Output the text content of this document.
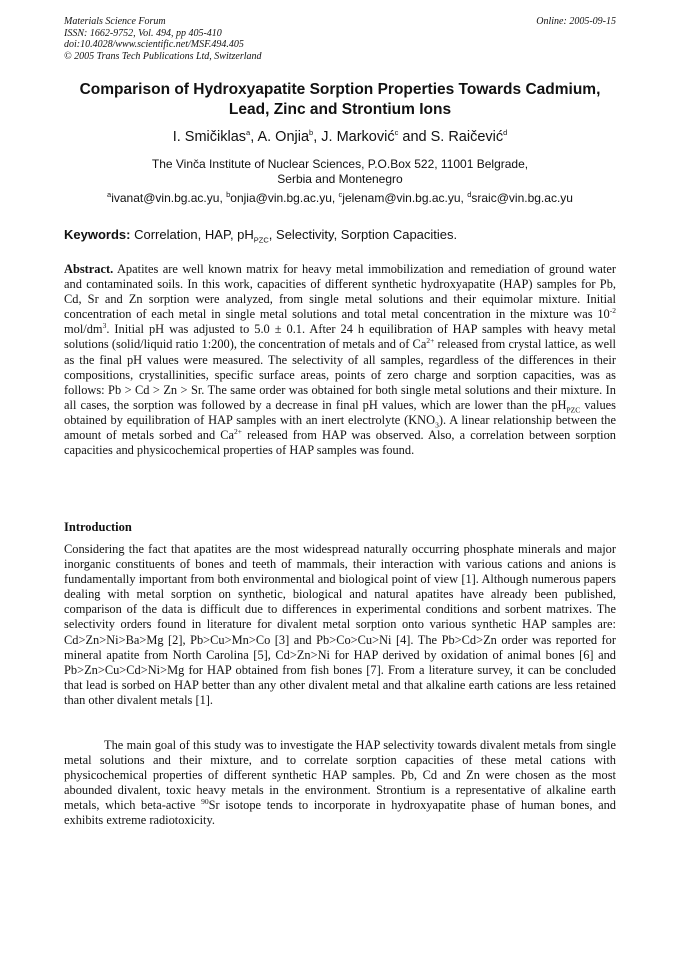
Materials Science Forum	Online: 2005-09-15
ISSN: 1662-9752, Vol. 494, pp 405-410
doi:10.4028/www.scientific.net/MSF.494.405
© 2005 Trans Tech Publications Ltd, Switzerland
Comparison of Hydroxyapatite Sorption Properties Towards Cadmium,
Lead, Zinc and Strontium Ions
I. Smičiklas$^a$, A. Onjia$^b$, J. Marković$^c$ and S. Raičević$^d$
The Vinča Institute of Nuclear Sciences, P.O.Box 522, 11001 Belgrade,
Serbia and Montenegro
$^a$ivanat@vin.bg.ac.yu, $^b$onjia@vin.bg.ac.yu, $^c$jelenam@vin.bg.ac.yu, $^d$sraic@vin.bg.ac.yu
Keywords: Correlation, HAP, $pH_{PZC}$, Selectivity, Sorption Capacities.
Abstract. Apatites are well known matrix for heavy metal immobilization and remediation of ground water and contaminated soils. In this work, capacities of different synthetic hydroxyapatite (HAP) samples for Pb, Cd, Sr and Zn sorption were analyzed, from single metal solutions and their equimolar mixture. Initial concentration of each metal in single metal solutions and total metal concentration in the mixture was $10^{-2}$ mol/$dm^3$. Initial pH was adjusted to 5.0 ± 0.1. After 24 h equilibration of HAP samples with heavy metal solutions (solid/liquid ratio 1:200), the concentration of metals and of $Ca^{2+}$ released from crystal lattice, as well as the final pH values were measured. The selectivity of all samples, regardless of the differences in their compositions, crystallinities, specific surface areas, points of zero charge and sorption capacities, was as follows: Pb > Cd > Zn > Sr. The same order was obtained for both single metal solutions and their mixture. In all cases, the sorption was followed by a decrease in final pH values, which are lower than the $pH_{PZC}$ values obtained by equilibration of HAP samples with an inert electrolyte $(KNO_3)$. A linear relationship between the amount of metals sorbed and $Ca^{2+}$ released from HAP was observed. Also, a correlation between sorption capacities and physicochemical properties of HAP samples was found.
Introduction
Considering the fact that apatites are the most widespread naturally occurring phosphate minerals and major inorganic constituents of bones and teeth of mammals, their interaction with various cations and anions is fundamentally important from both environmental and biological point of view [1]. Although numerous papers dealing with metal sorption on synthetic, biological and natural apatites have already been published, comparison of the data is difficult due to differences in experimental conditions and sorbent matrixes. The selectivity orders found in literature for divalent metal sorption onto various synthetic HAP samples are: Cd>Zn>Ni>Ba>Mg [2], Pb>Cu>Mn>Co [3] and Pb>Co>Cu>Ni [4]. The Pb>Cd>Zn order was reported for mineral apatite from North Carolina [5], Cd>Zn>Ni for HAP derived by oxidation of animal bones [6] and Pb>Zn>Cu>Cd>Ni>Mg for HAP obtained from fish bones [7]. From a literature survey, it can be concluded that lead is sorbed on HAP better than any other divalent metal and that alkaline earth cations are less retained than other divalent metals [1].
The main goal of this study was to investigate the HAP selectivity towards divalent metals from single metal solutions and their mixture, and to correlate sorption capacities of these metal cations with physicochemical properties of different synthetic HAP samples. Pb, Cd and Zn were chosen as the most abounded divalent, toxic heavy metals in the environment. Strontium is a representative of alkaline earth metals, which beta-active $^{90}$Sr isotope tends to incorporate in hydroxyapatite phase of human bones, and exhibits extreme radiotoxicity.
